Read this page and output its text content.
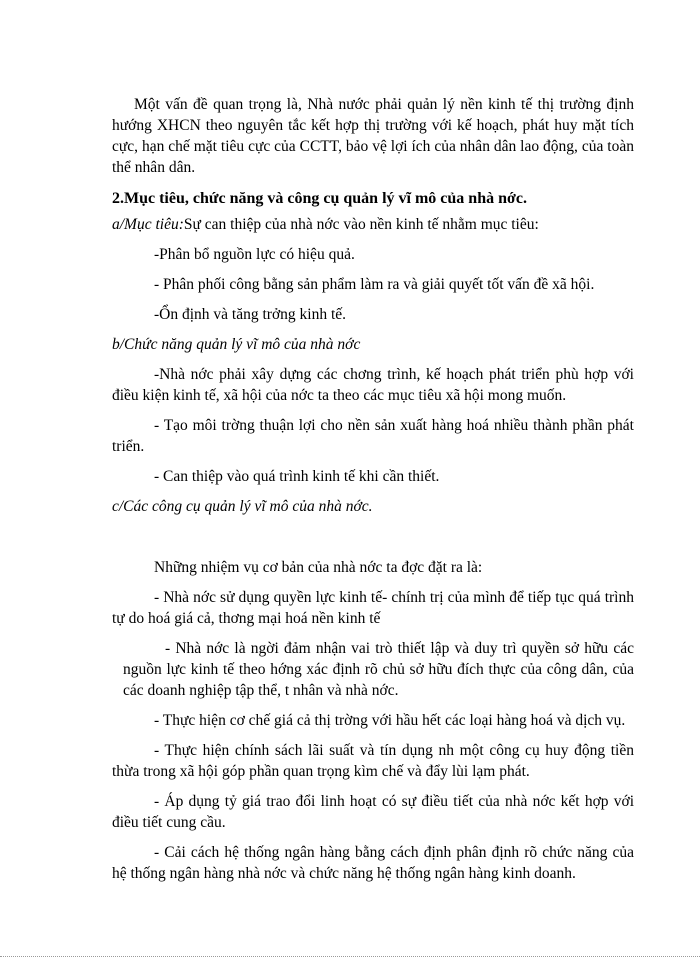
Một vấn đề quan trọng là, Nhà nước phải quản lý nền kinh tế thị trường định hướng XHCN theo nguyên tắc kết hợp thị trường với kế hoạch, phát huy mặt tích cực, hạn chế mặt tiêu cực của CCTT, bảo vệ lợi ích của nhân dân lao động, của toàn thể nhân dân.

2.Mục tiêu, chức năng và công cụ quản lý vĩ mô của nhà nớc.

a/Mục tiêu:Sự can thiệp của nhà nớc vào nền kinh tế nhằm mục tiêu:

-Phân bổ nguồn lực có hiệu quả.

- Phân phối công bằng sản phẩm làm ra và giải quyết tốt vấn đề xã hội.

-Ổn định và tăng trởng kinh tế.

b/Chức năng quản lý vĩ mô của nhà nớc

-Nhà nớc phải xây dựng các chơng trình, kế hoạch phát triển phù hợp với điều kiện kinh tế, xã hội của nớc ta theo các mục tiêu xã hội mong muốn.

- Tạo môi trờng thuận lợi cho nền sản xuất hàng hoá nhiều thành phần phát triển.

- Can thiệp vào quá trình kinh tế khi cần thiết.

c/Các công cụ quản lý vĩ mô của nhà nớc.

Những nhiệm vụ cơ bản của nhà nớc ta đợc đặt ra là:

- Nhà nớc sử dụng quyền lực kinh tế- chính trị của mình để tiếp tục quá trình tự do hoá giá cả, thơng mại hoá nền kinh tế

- Nhà nớc là ngời đảm nhận vai trò thiết lập và duy trì quyền sở hữu các nguồn lực kinh tế theo hớng xác định rõ chủ sở hữu đích thực của công dân, của các doanh nghiệp tập thể, t nhân và nhà nớc.

- Thực hiện cơ chế giá cả thị trờng với hầu hết các loại hàng hoá và dịch vụ.

- Thực hiện chính sách lãi suất và tín dụng nh một công cụ huy động tiền thừa trong xã hội góp phần quan trọng kìm chế và đẩy lùi lạm phát.

- Áp dụng tỷ giá trao đổi linh hoạt có sự điều tiết của nhà nớc kết hợp với điều tiết cung cầu.

- Cải cách hệ thống ngân hàng bằng cách định phân định rõ chức năng của hệ thống ngân hàng nhà nớc và chức năng hệ thống ngân hàng kinh doanh.
